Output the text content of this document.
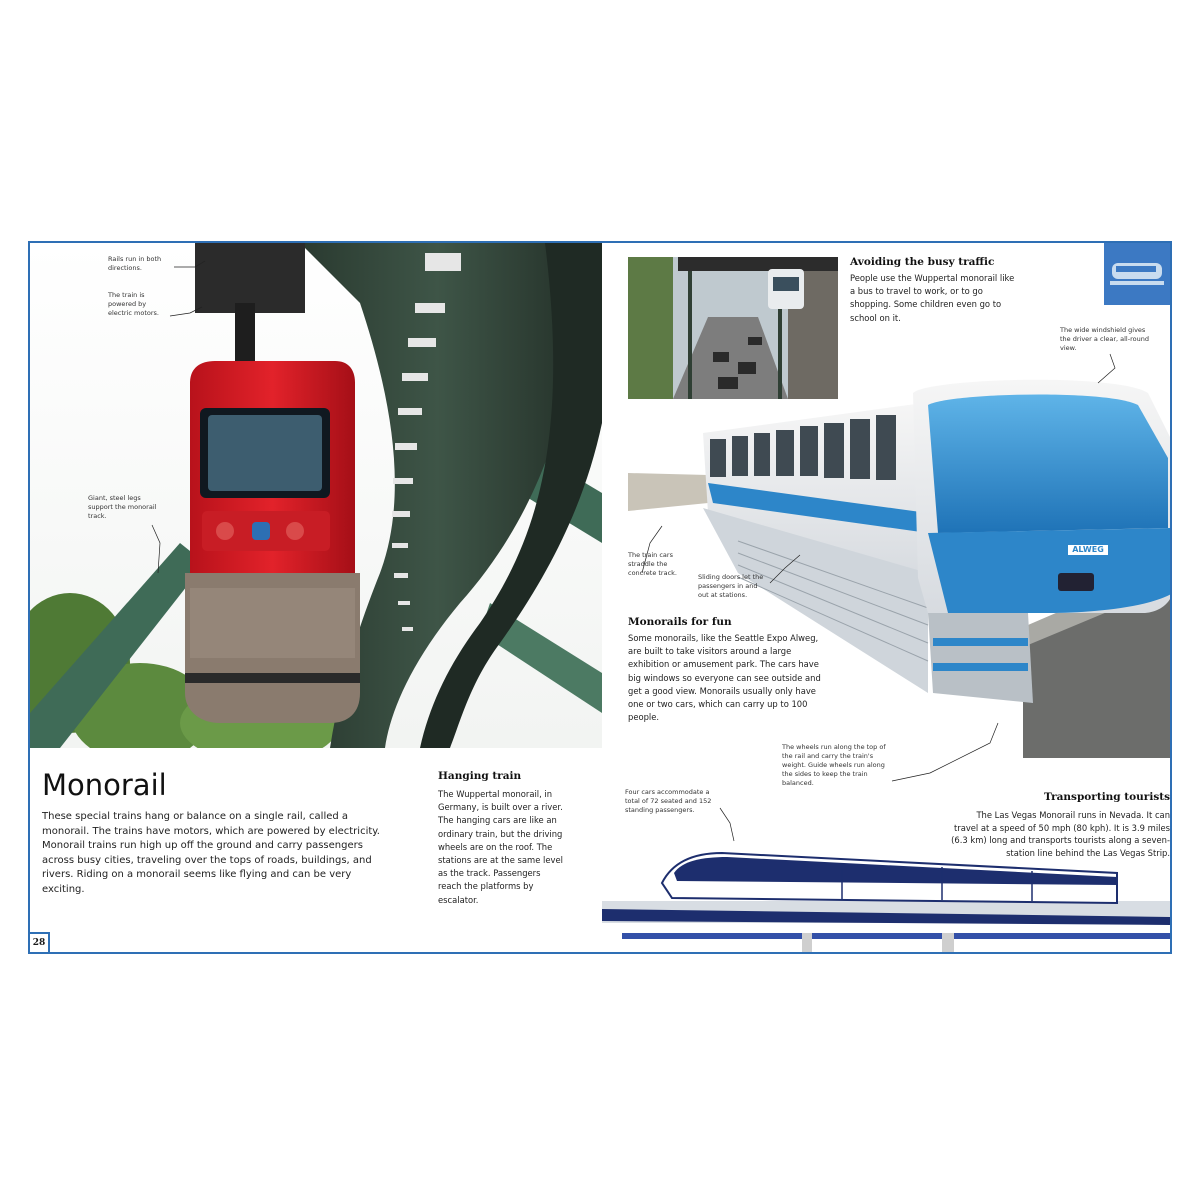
Rails run in both directions.
The train is powered by electric motors.
Giant, steel legs support the monorail track.
Monorail
These special trains hang or balance on a single rail, called a monorail. The trains have motors, which are powered by electricity. Monorail trains run high up off the ground and carry passengers across busy cities, traveling over the tops of roads, buildings, and rivers. Riding on a monorail seems like flying and can be very exciting.
Hanging train
The Wuppertal monorail, in Germany, is built over a river. The hanging cars are like an ordinary train, but the driving wheels are on the roof. The stations are at the same level as the track. Passengers reach the platforms by escalator.
28
Avoiding the busy traffic
People use the Wuppertal monorail like a bus to travel to work, or to go shopping. Some children even go to school on it.
ALWEG
The wide windshield gives the driver a clear, all-round view.
The train cars straddle the concrete track.	Sliding doors let the passengers in and out at stations.
The wheels run along the top of the rail and carry the train's weight. Guide wheels run along the sides to keep the train balanced.
Four cars accommodate a total of 72 seated and 152 standing passengers.
Monorails for fun
Some monorails, like the Seattle Expo Alweg, are built to take visitors around a large exhibition or amusement park. The cars have big windows so everyone can see outside and get a good view. Monorails usually only have one or two cars, which can carry up to 100 people.
Transporting tourists
The Las Vegas Monorail runs in Nevada. It can travel at a speed of 50 mph (80 kph). It is 3.9 miles (6.3 km) long and transports tourists along a seven-station line behind the Las Vegas Strip.
